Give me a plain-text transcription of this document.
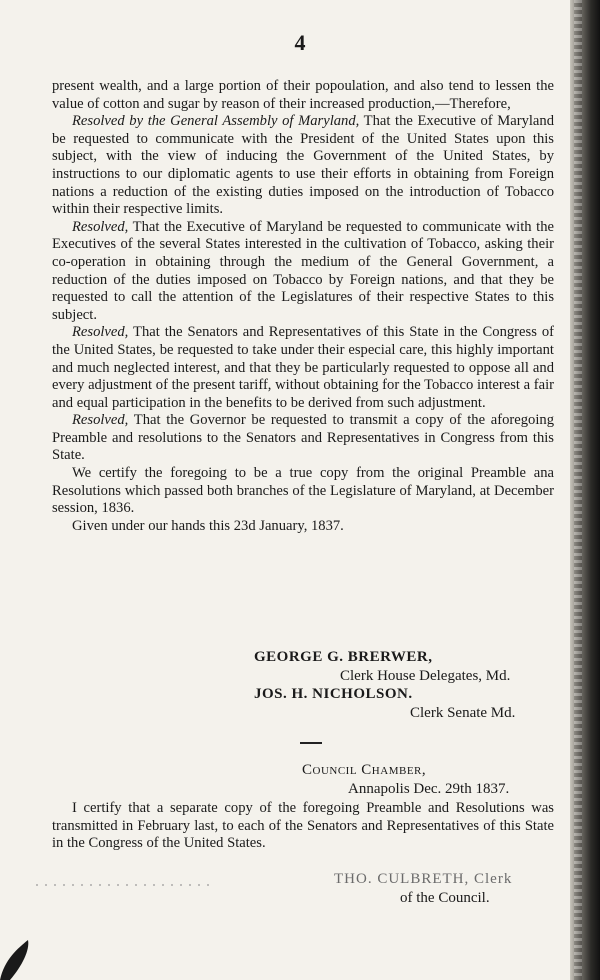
4

present wealth, and a large portion of their popoulation, and also tend to lessen the value of cotton and sugar by reason of their increased production,—Therefore,

Resolved by the General Assembly of Maryland, That the Executive of Maryland be requested to communicate with the President of the United States upon this subject, with the view of inducing the Government of the United States, by instructions to our diplomatic agents to use their efforts in obtaining from Foreign nations a reduction of the existing duties imposed on the introduction of Tobacco within their respective limits.

Resolved, That the Executive of Maryland be requested to communicate with the Executives of the several States interested in the cultivation of Tobacco, asking their co-operation in obtaining through the medium of the General Government, a reduction of the duties imposed on Tobacco by Foreign nations, and that they be requested to call the attention of the Legislatures of their respective States to this subject.

Resolved, That the Senators and Representatives of this State in the Congress of the United States, be requested to take under their especial care, this highly important and much neglected interest, and that they be particularly requested to oppose all and every adjustment of the present tariff, without obtaining for the Tobacco interest a fair and equal participation in the benefits to be derived from such adjustment.

Resolved, That the Governor be requested to transmit a copy of the aforegoing Preamble and resolutions to the Senators and Representatives in Congress from this State.

We certify the foregoing to be a true copy from the original Preamble ana Resolutions which passed both branches of the Legislature of Maryland, at December session, 1836.

Given under our hands this 23d January, 1837.

GEORGE G. BRERWER,
Clerk House Delegates, Md.
JOS. H. NICHOLSON.
Clerk Senate Md.
Council Chamber,
Annapolis Dec. 29th 1837.

I certify that a separate copy of the foregoing Preamble and Resolutions was transmitted in February last, to each of the Senators and Representatives of this State in the Congress of the United States.

THO. CULBRETH, Clerk
of the Council.
